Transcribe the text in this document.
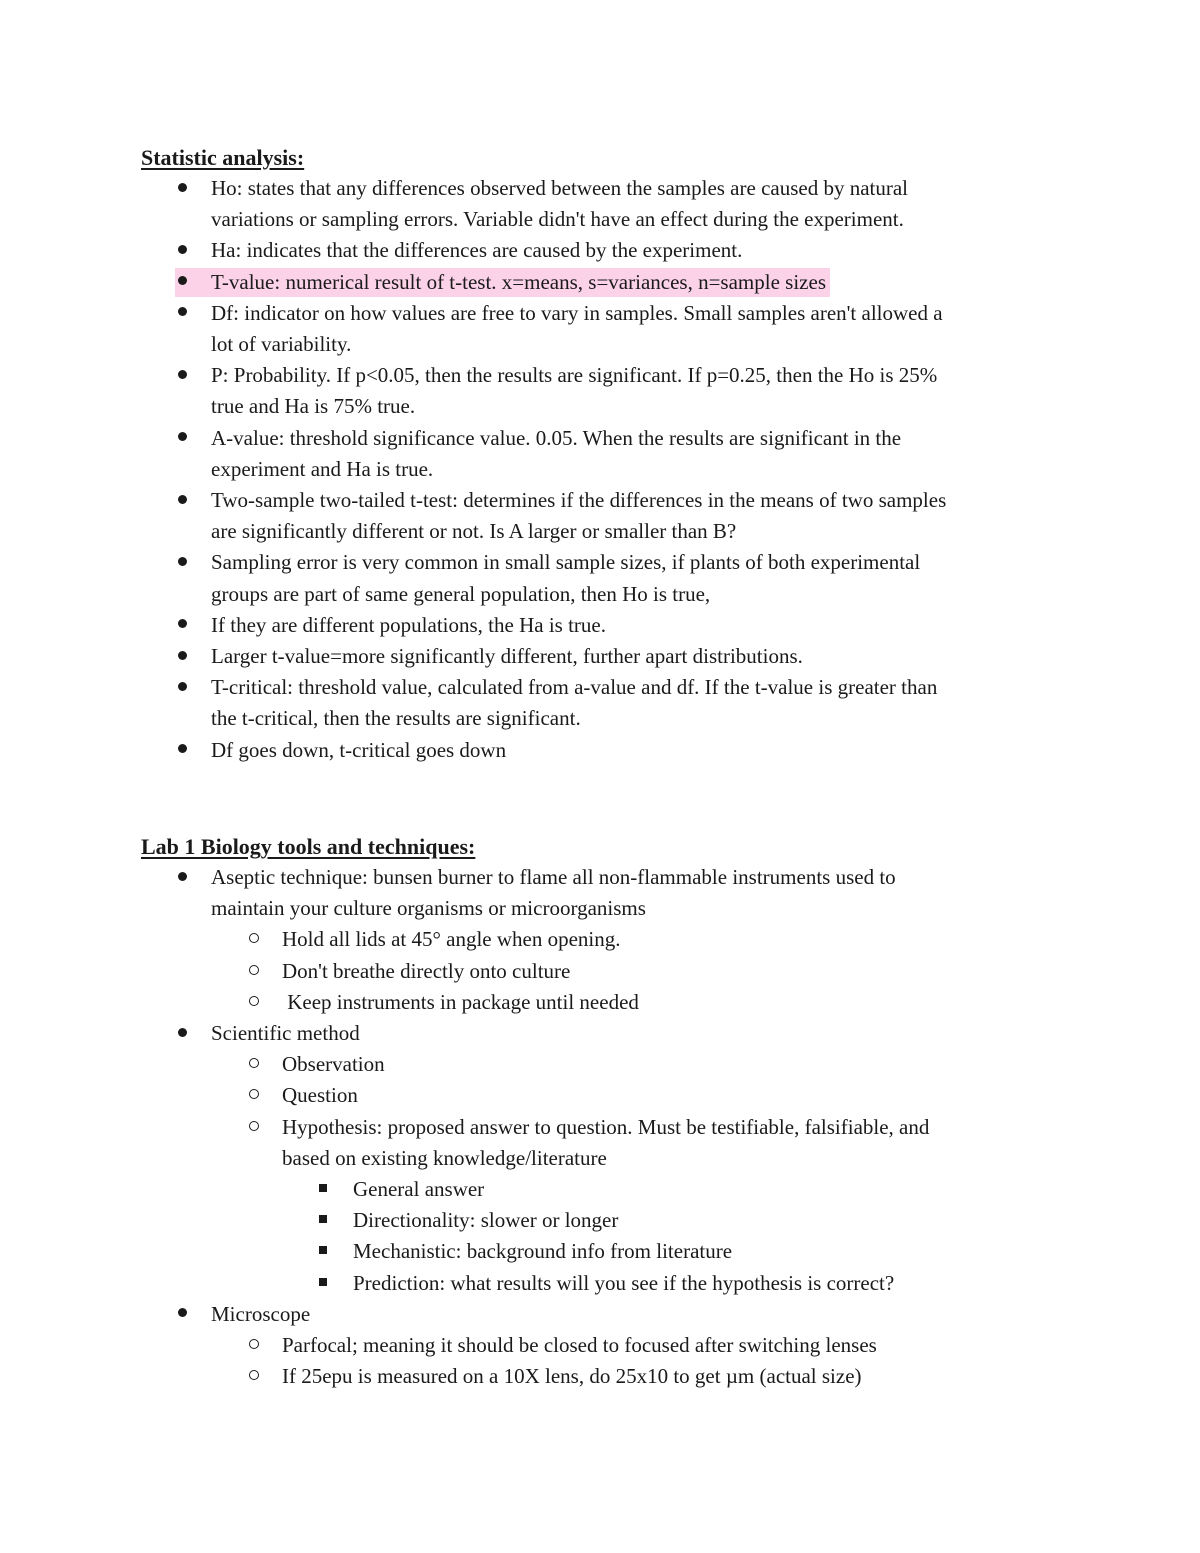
Statistic analysis:
Ho: states that any differences observed between the samples are caused by natural
variations or sampling errors. Variable didn't have an effect during the experiment.
Ha: indicates that the differences are caused by the experiment.
T-value: numerical result of t-test. x=means, s=variances, n=sample sizes
Df: indicator on how values are free to vary in samples. Small samples aren't allowed a
lot of variability.
P: Probability. If p<0.05, then the results are significant. If p=0.25, then the Ho is 25%
true and Ha is 75% true.
A-value: threshold significance value. 0.05. When the results are significant in the
experiment and Ha is true.
Two-sample two-tailed t-test: determines if the differences in the means of two samples
are significantly different or not. Is A larger or smaller than B?
Sampling error is very common in small sample sizes, if plants of both experimental
groups are part of same general population, then Ho is true,
If they are different populations, the Ha is true.
Larger t-value=more significantly different, further apart distributions.
T-critical: threshold value, calculated from a-value and df. If the t-value is greater than
the t-critical, then the results are significant.
Df goes down, t-critical goes down
Lab 1 Biology tools and techniques:
Aseptic technique: bunsen burner to flame all non-flammable instruments used to
maintain your culture organisms or microorganisms
Hold all lids at 45° angle when opening.
Don't breathe directly onto culture
Keep instruments in package until needed
Scientific method
Observation
Question
Hypothesis: proposed answer to question. Must be testifiable, falsifiable, and
based on existing knowledge/literature
General answer
Directionality: slower or longer
Mechanistic: background info from literature
Prediction: what results will you see if the hypothesis is correct?
Microscope
Parfocal; meaning it should be closed to focused after switching lenses
If 25epu is measured on a 10X lens, do 25x10 to get µm (actual size)
